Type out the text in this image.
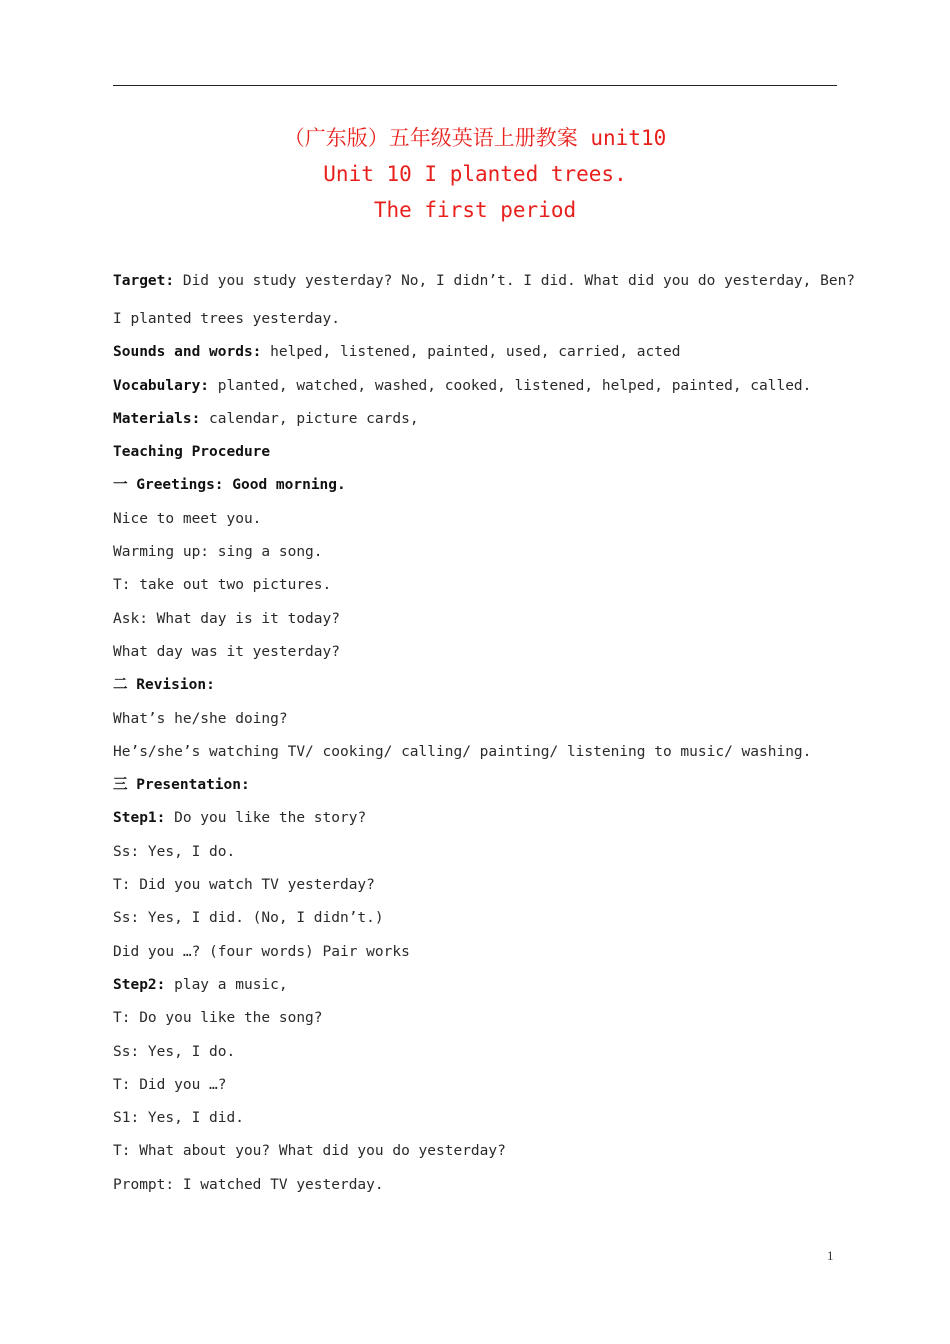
（广东版）五年级英语上册教案 unit10
Unit 10 I planted trees.
The first period
Target: Did you study yesterday? No, I didn’t. I did. What did you do yesterday, Ben?
I planted trees yesterday.
Sounds and words: helped, listened, painted, used, carried, acted
Vocabulary: planted, watched, washed, cooked, listened, helped, painted, called.
Materials: calendar, picture cards,
Teaching Procedure
一 Greetings: Good morning.
Nice to meet you.
Warming up: sing a song.
T: take out two pictures.
Ask: What day is it today?
What day was it yesterday?
二 Revision:
What’s he/she doing?
He’s/she’s watching TV/ cooking/ calling/ painting/ listening to music/ washing.
三 Presentation:
Step1: Do you like the story?
Ss: Yes, I do.
T: Did you watch TV yesterday?
Ss: Yes, I did. (No, I didn’t.)
Did you …? (four words) Pair works
Step2: play a music,
T: Do you like the song?
Ss: Yes, I do.
T: Did you …?
S1: Yes, I did.
T: What about you? What did you do yesterday?
Prompt: I watched TV yesterday.
1
